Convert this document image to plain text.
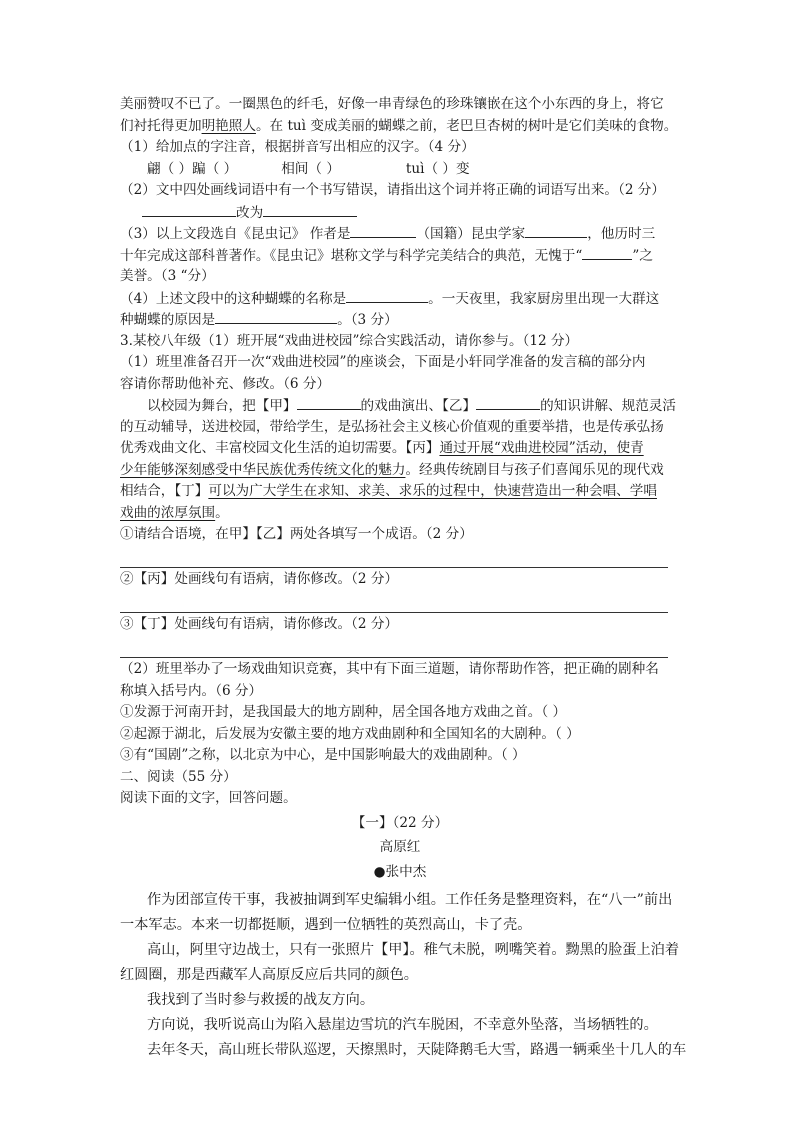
美丽赞叹不已了。一圈黑色的纤毛，好像一串青绿色的珍珠镶嵌在这个小东西的身上，将它
们衬托得更加明艳照人。在 tuì 变成美丽的蝴蝶之前，老巴旦杏树的树叶是它们美味的食物。
（1）给加点的字注音，根据拼音写出相应的汉字。（4 分）
翩（ ）蹁（ ）	相间（ ）	tuì（ ）变
（2）文中四处画线词语中有一个书写错误，请指出这个词并将正确的词语写出来。（2 分）
改为
（3）以上文段选自《昆虫记》 作者是	（国籍）昆虫学家	，他历时三
十年完成这部科普著作。《昆虫记》堪称文学与科学完美结合的典范，无愧于“	”之
美誉。（3 “分）
（4）上述文段中的这种蝴蝶的名称是	。一天夜里，我家厨房里出现一大群这
种蝴蝶的原因是	。（3 分）
3.某校八年级（1）班开展“戏曲进校园”综合实践活动，请你参与。（12 分）
（1）班里准备召开一次“戏曲进校园”的座谈会，下面是小轩同学准备的发言稿的部分内
容请你帮助他补充、修改。（6 分）
以校园为舞台，把【甲】	的戏曲演出、【乙】	的知识讲解、规范灵活
的互动辅导，送进校园，带给学生，是弘扬社会主义核心价值观的重要举措，也是传承弘扬
优秀戏曲文化、丰富校园文化生活的迫切需要。【丙】通过开展“戏曲进校园”活动，使青
少年能够深刻感受中华民族优秀传统文化的魅力。经典传统剧目与孩子们喜闻乐见的现代戏
相结合，【丁】可以为广大学生在求知、求美、求乐的过程中，快速营造出一种会唱、学唱
戏曲的浓厚氛围。
①请结合语境，在甲】【乙】两处各填写一个成语。（2 分）
②【丙】处画线句有语病，请你修改。（2 分）
③【丁】处画线句有语病，请你修改。（2 分）
（2）班里举办了一场戏曲知识竞赛，其中有下面三道题，请你帮助作答，把正确的剧种名
称填入括号内。（6 分）
①发源于河南开封，是我国最大的地方剧种，居全国各地方戏曲之首。（ ）
②起源于湖北，后发展为安徽主要的地方戏曲剧种和全国知名的大剧种。（ ）
③有“国剧”之称，以北京为中心，是中国影响最大的戏曲剧种。（ ）
二、阅读（55 分）
阅读下面的文字，回答问题。
【一】（22 分）
高原红
●张中杰
作为团部宣传干事，我被抽调到军史编辑小组。工作任务是整理资料，在“八一”前出
一本军志。本来一切都挺顺，遇到一位牺牲的英烈高山，卡了壳。
高山，阿里守边战士，只有一张照片【甲】。稚气未脱，咧嘴笑着。黝黑的脸蛋上泊着
红圆圈，那是西藏军人高原反应后共同的颜色。
我找到了当时参与救援的战友方向。
方向说，我听说高山为陷入悬崖边雪坑的汽车脱困，不幸意外坠落，当场牺牲的。
去年冬天，高山班长带队巡逻，天擦黑时，天陡降鹅毛大雪，路遇一辆乘坐十几人的车
